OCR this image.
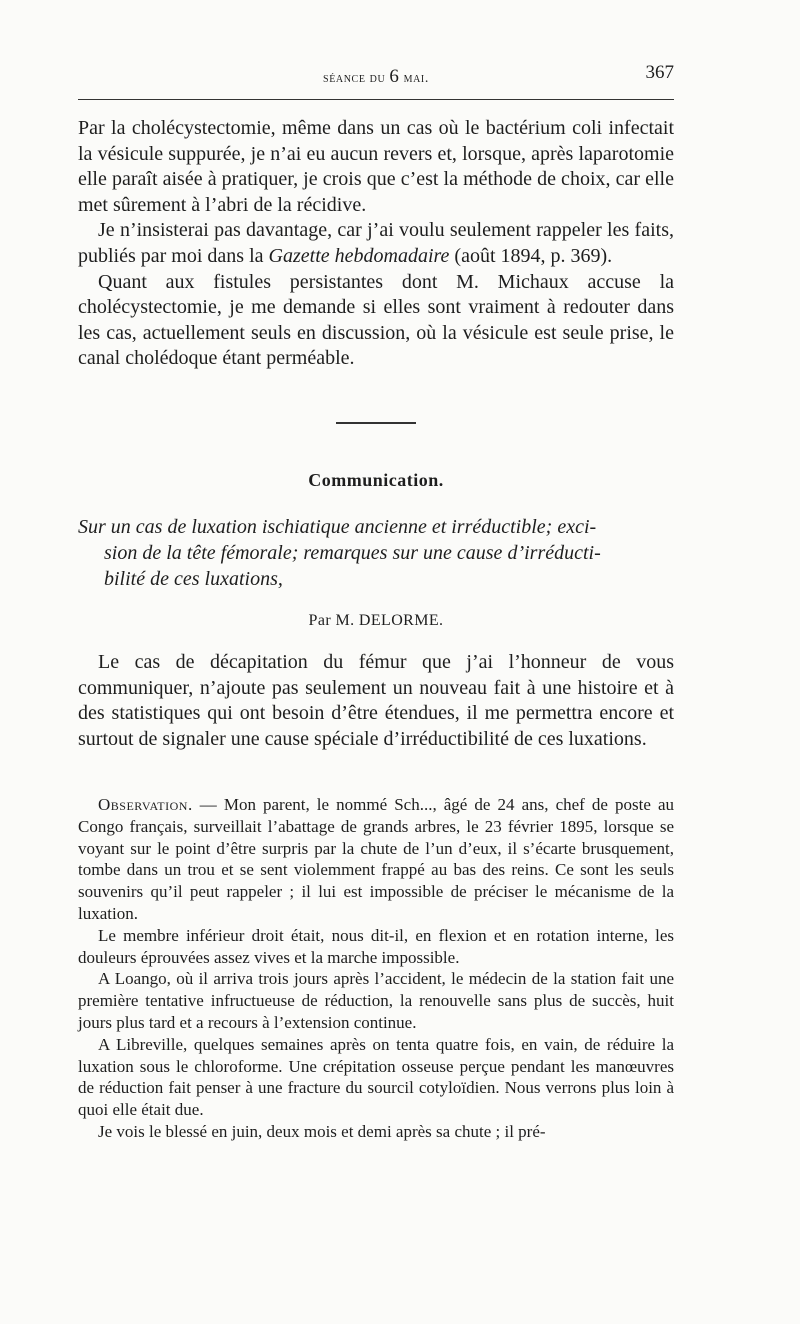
séance du 6 mai.	367

Par la cholécystectomie, même dans un cas où le bactérium coli infectait la vésicule suppurée, je n’ai eu aucun revers et, lorsque, après laparotomie elle paraît aisée à pratiquer, je crois que c’est la méthode de choix, car elle met sûrement à l’abri de la récidive.

Je n’insisterai pas davantage, car j’ai voulu seulement rappeler les faits, publiés par moi dans la Gazette hebdomadaire (août 1894, p. 369).

Quant aux fistules persistantes dont M. Michaux accuse la cholécystectomie, je me demande si elles sont vraiment à redouter dans les cas, actuellement seuls en discussion, où la vésicule est seule prise, le canal cholédoque étant perméable.

Communication.
Sur un cas de luxation ischiatique ancienne et irréductible; exci-
sion de la tête fémorale; remarques sur une cause d’irréducti-
bilité de ces luxations,
Par M. DELORME.

Le cas de décapitation du fémur que j’ai l’honneur de vous communiquer, n’ajoute pas seulement un nouveau fait à une histoire et à des statistiques qui ont besoin d’être étendues, il me permettra encore et surtout de signaler une cause spéciale d’irréductibilité de ces luxations.

Observation. — Mon parent, le nommé Sch..., âgé de 24 ans, chef de poste au Congo français, surveillait l’abattage de grands arbres, le 23 février 1895, lorsque se voyant sur le point d’être surpris par la chute de l’un d’eux, il s’écarte brusquement, tombe dans un trou et se sent violemment frappé au bas des reins. Ce sont les seuls souvenirs qu’il peut rappeler ; il lui est impossible de préciser le mécanisme de la luxation.

Le membre inférieur droit était, nous dit-il, en flexion et en rotation interne, les douleurs éprouvées assez vives et la marche impossible.

A Loango, où il arriva trois jours après l’accident, le médecin de la station fait une première tentative infructueuse de réduction, la renouvelle sans plus de succès, huit jours plus tard et a recours à l’extension continue.

A Libreville, quelques semaines après on tenta quatre fois, en vain, de réduire la luxation sous le chloroforme. Une crépitation osseuse perçue pendant les manœuvres de réduction fait penser à une fracture du sourcil cotyloïdien. Nous verrons plus loin à quoi elle était due.

Je vois le blessé en juin, deux mois et demi après sa chute ; il pré-
